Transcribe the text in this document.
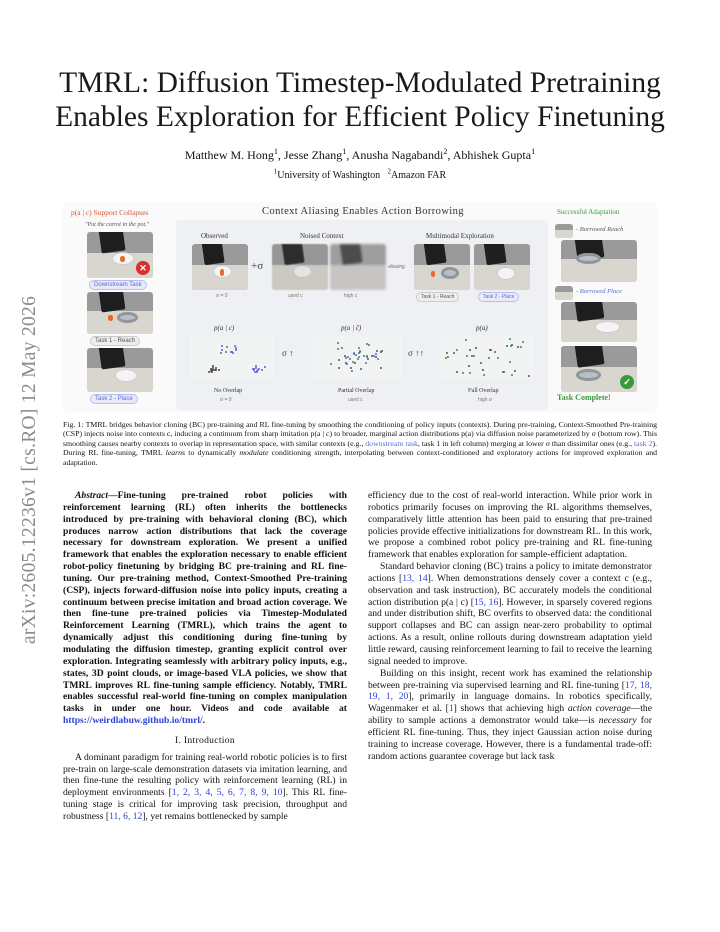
arXiv:2605.12236v1 [cs.RO] 12 May 2026
TMRL: Diffusion Timestep-Modulated Pretraining
Enables Exploration for Efficient Policy Finetuning
Matthew M. Hong$^1$, Jesse Zhang$^1$, Anusha Nagabandi$^2$, Abhishek Gupta$^1$
$^1$University of Washington $^2$Amazon FAR
p(a | c) Support Collapses	Context Aliasing Enables Action Borrowing	Successful Adaptation
"Put the carrot in the pot."
✕
Downstream Task
Task 1 - Reach
Task 2 - Place
Observed	Noised Context	Multimodal Exploration
+σ	aliasing
σ = 0	used c	high c	Task 1 - Reach	Task 2 - Place
p(a | c)	p(a | c̃)	p(a)
σ ↑	σ ↑↑
No Overlap	Partial Overlap	Full Overlap
σ = 0	used c	high σ
- Borrowed Reach
- Borrowed Place
✓
Task Complete!
Fig. 1: TMRL bridges behavior cloning (BC) pre-training and RL fine-tuning by smoothing the conditioning of policy inputs (contexts). During pre-training, Context-Smoothed Pre-training (CSP) injects noise into contexts c, inducing a continuum from sharp imitation p(a | c) to broader, marginal action distributions p(a) via diffusion noise parameterized by σ (bottom row). This smoothing causes nearby contexts to overlap in representation space, with similar contexts (e.g., downstream task, task 1 in left column) merging at lower σ than dissimilar ones (e.g., task 2). During RL fine-tuning, TMRL learns to dynamically modulate conditioning strength, interpolating between context-conditioned and exploratory actions for improved exploration and adaptation.

Abstract—Fine-tuning pre-trained robot policies with reinforcement learning (RL) often inherits the bottlenecks introduced by pre-training with behavioral cloning (BC), which produces narrow action distributions that lack the coverage necessary for downstream exploration. We present a unified framework that enables the exploration necessary to enable efficient robot-policy finetuning by bridging BC pre-training and RL fine-tuning. Our pre-training method, Context-Smoothed Pre-training (CSP), injects forward-diffusion noise into policy inputs, creating a continuum between precise imitation and broad action coverage. We then fine-tune pre-trained policies via Timestep-Modulated Reinforcement Learning (TMRL), which trains the agent to dynamically adjust this conditioning during fine-tuning by modulating the diffusion timestep, granting explicit control over exploration. Integrating seamlessly with arbitrary policy inputs, e.g., states, 3D point clouds, or image-based VLA policies, we show that TMRL improves RL fine-tuning sample efficiency. Notably, TMRL enables successful real-world fine-tuning on complex manipulation tasks in under one hour. Videos and code available at https://weirdlabuw.github.io/tmrl/.

I. Introduction

A dominant paradigm for training real-world robotic policies is to first pre-train on large-scale demonstration datasets via imitation learning, and then fine-tune the resulting policy with reinforcement learning (RL) in deployment environments [1, 2, 3, 4, 5, 6, 7, 8, 9, 10]. This RL fine-tuning stage is critical for improving task precision, throughput and robustness [11, 6, 12], yet remains bottlenecked by sample

efficiency due to the cost of real-world interaction. While prior work in robotics primarily focuses on improving the RL algorithms themselves, comparatively little attention has been paid to ensuring that pre-trained policies provide effective initializations for downstream RL. In this work, we propose a combined robot policy pre-training and RL fine-tuning framework that enables exploration for sample-efficient adaptation.

Standard behavior cloning (BC) trains a policy to imitate demonstrator actions [13, 14]. When demonstrations densely cover a context c (e.g., observation and task instruction), BC accurately models the conditional action distribution p(a | c) [15, 16]. However, in sparsely covered regions and under distribution shift, BC overfits to observed data: the conditional support collapses and BC can assign near-zero probability to optimal actions. As a result, online rollouts during downstream adaptation yield little reward, causing reinforcement learning to fail to receive the learning signal needed to improve.

Building on this insight, recent work has examined the relationship between pre-training via supervised learning and RL fine-tuning [17, 18, 19, 1, 20], primarily in language domains. In robotics specifically, Wagenmaker et al. [1] shows that achieving high action coverage—the ability to sample actions a demonstrator would take—is necessary for efficient RL fine-tuning. Thus, they inject Gaussian action noise during training to increase coverage. However, there is a fundamental trade-off: random actions guarantee coverage but lack task
